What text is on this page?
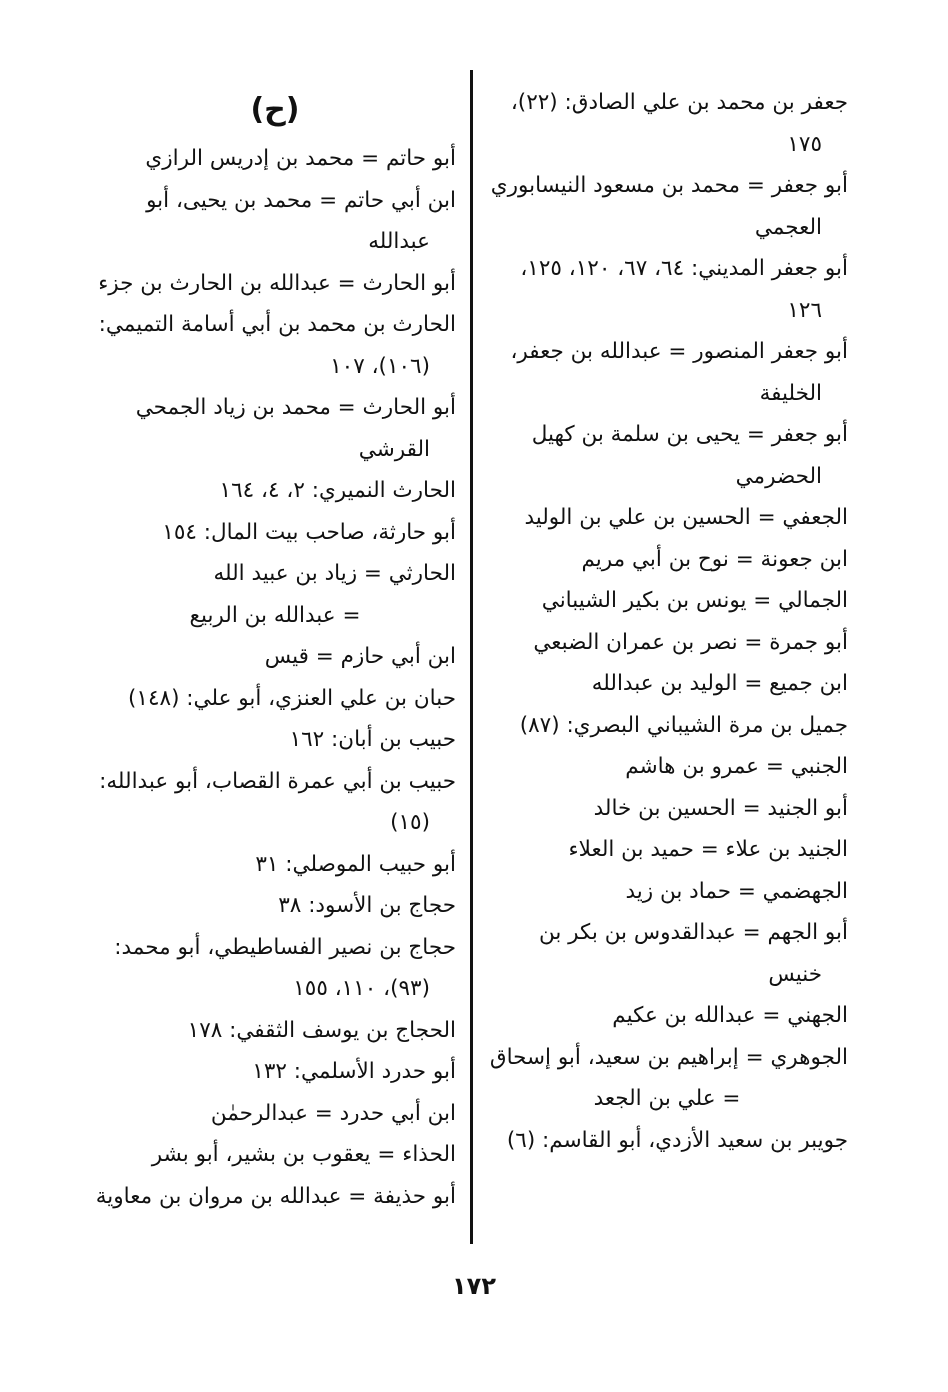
جعفر بن محمد بن علي الصادق: (٢٢)، ١٧٥

أبو جعفر = محمد بن مسعود النيسابوري العجمي

أبو جعفر المديني: ٦٤، ٦٧، ١٢٠، ١٢٥، ١٢٦

أبو جعفر المنصور = عبدالله بن جعفر، الخليفة

أبو جعفر = يحيى بن سلمة بن كهيل الحضرمي

الجعفي = الحسين بن علي بن الوليد

ابن جعونة = نوح بن أبي مريم

الجمالي = يونس بن بكير الشيباني

أبو جمرة = نصر بن عمران الضبعي

ابن جميع = الوليد بن عبدالله

جميل بن مرة الشيباني البصري: (٨٧)

الجنبي = عمرو بن هاشم

أبو الجنيد = الحسين بن خالد

الجنيد بن علاء = حميد بن العلاء

الجهضمي = حماد بن زيد

أبو الجهم = عبدالقدوس بن بكر بن خنيس

الجهني = عبدالله بن عكيم

الجوهري = إبراهيم بن سعيد، أبو إسحاق

= علي بن الجعد

جويبر بن سعيد الأزدي، أبو القاسم: (٦)

(ح)

أبو حاتم = محمد بن إدريس الرازي

ابن أبي حاتم = محمد بن يحيى، أبو عبدالله

أبو الحارث = عبدالله بن الحارث بن جزء

الحارث بن محمد بن أبي أسامة التميمي: (١٠٦)، ١٠٧

أبو الحارث = محمد بن زياد الجمحي القرشي

الحارث النميري: ٢، ٤، ١٦٤

أبو حارثة، صاحب بيت المال: ١٥٤

الحارثي = زياد بن عبيد الله

= عبدالله بن الربيع

ابن أبي حازم = قيس

حبان بن علي العنزي، أبو علي: (١٤٨)

حبيب بن أبان: ١٦٢

حبيب بن أبي عمرة القصاب، أبو عبدالله: (١٥)

أبو حبيب الموصلي: ٣١

حجاج بن الأسود: ٣٨

حجاج بن نصير الفساطيطي، أبو محمد: (٩٣)، ١١٠، ١٥٥

الحجاج بن يوسف الثقفي: ١٧٨

أبو حدرد الأسلمي: ١٣٢

ابن أبي حدرد = عبدالرحمٰن

الحذاء = يعقوب بن بشير، أبو بشر

أبو حذيفة = عبدالله بن مروان بن معاوية

١٧٢
